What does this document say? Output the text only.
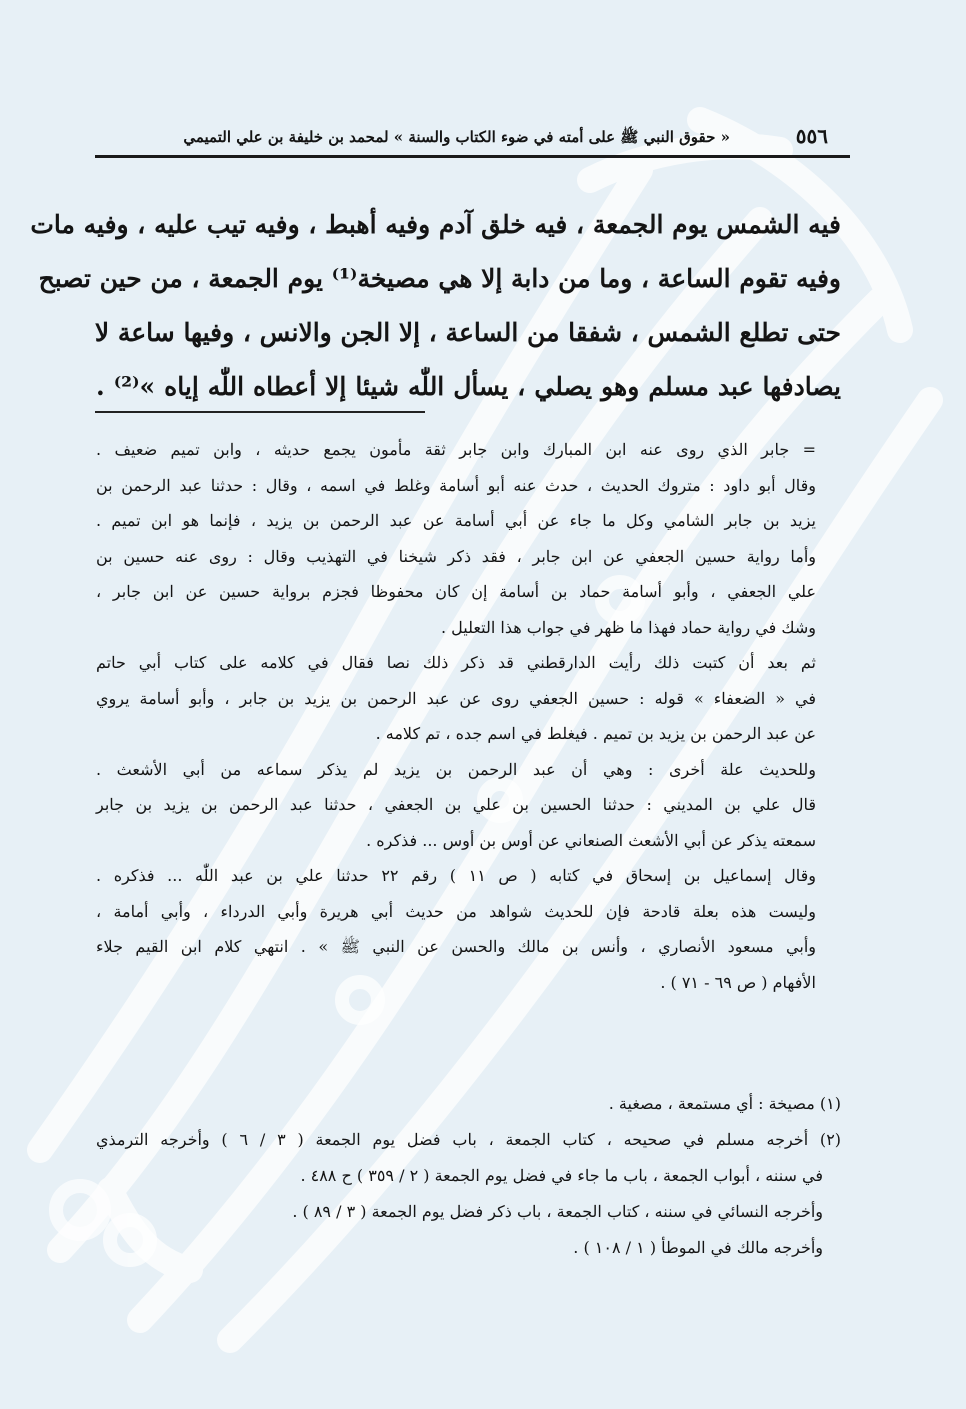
٥٥٦
« حقوق النبي ﷺ على أمته في ضوء الكتاب والسنة » لمحمد بن خليفة بن علي التميمي
فيه الشمس يوم الجمعة ، فيه خلق آدم وفيه أهبط ، وفيه تيب عليه ، وفيه مات
وفيه تقوم الساعة ، وما من دابة إلا هي مصيخة⁽¹⁾ يوم الجمعة ، من حين تصبح
حتى تطلع الشمس ، شفقا من الساعة ، إلا الجن والانس ، وفيها ساعة لا
يصادفها عبد مسلم وهو يصلي ، يسأل اللّٰه شيئا إلا أعطاه اللّٰه إياه »⁽²⁾ .
= جابر الذي روى عنه ابن المبارك وابن جابر ثقة مأمون يجمع حديثه ، وابن تميم ضعيف .
وقال أبو داود : متروك الحديث ، حدث عنه أبو أسامة وغلط في اسمه ، وقال : حدثنا عبد الرحمن بن
يزيد بن جابر الشامي وكل ما جاء عن أبي أسامة عن عبد الرحمن بن يزيد ، فإنما هو ابن تميم .
وأما رواية حسين الجعفي عن ابن جابر ، فقد ذكر شيخنا في التهذيب وقال : روى عنه حسين بن
علي الجعفي ، وأبو أسامة حماد بن أسامة إن كان محفوظا فجزم برواية حسين عن ابن جابر ،
وشك في رواية حماد فهذا ما ظهر في جواب هذا التعليل .
ثم بعد أن كتبت ذلك رأيت الدارقطني قد ذكر ذلك نصا فقال في كلامه على كتاب أبي حاتم
في « الضعفاء » قوله : حسين الجعفي روى عن عبد الرحمن بن يزيد بن جابر ، وأبو أسامة يروي
عن عبد الرحمن بن يزيد بن تميم . فيغلط في اسم جده ، تم كلامه .
وللحديث علة أخرى : وهي أن عبد الرحمن بن يزيد لم يذكر سماعه من أبي الأشعث .
قال علي بن المديني : حدثنا الحسين بن علي بن الجعفي ، حدثنا عبد الرحمن بن يزيد بن جابر
سمعته يذكر عن أبي الأشعث الصنعاني عن أوس بن أوس ... فذكره .
وقال إسماعيل بن إسحاق في كتابه ( ص ١١ ) رقم ٢٢ حدثنا علي بن عبد اللّٰه ... فذكره .
وليست هذه بعلة قادحة فإن للحديث شواهد من حديث أبي هريرة وأبي الدرداء ، وأبي أمامة ،
وأبي مسعود الأنصاري ، وأنس بن مالك والحسن عن النبي ﷺ » . انتهي كلام ابن القيم جلاء
الأفهام ( ص ٦٩ - ٧١ ) .
(١) مصيخة : أي مستمعة ، مصغية .
(٢) أخرجه مسلم في صحيحه ، كتاب الجمعة ، باب فضل يوم الجمعة ( ٣ / ٦ ) وأخرجه الترمذي
في سننه ، أبواب الجمعة ، باب ما جاء في فضل يوم الجمعة ( ٢ / ٣٥٩ ) ح ٤٨٨ .
وأخرجه النسائي في سننه ، كتاب الجمعة ، باب ذكر فضل يوم الجمعة ( ٣ / ٨٩ ) .
وأخرجه مالك في الموطأ ( ١ / ١٠٨ ) .
